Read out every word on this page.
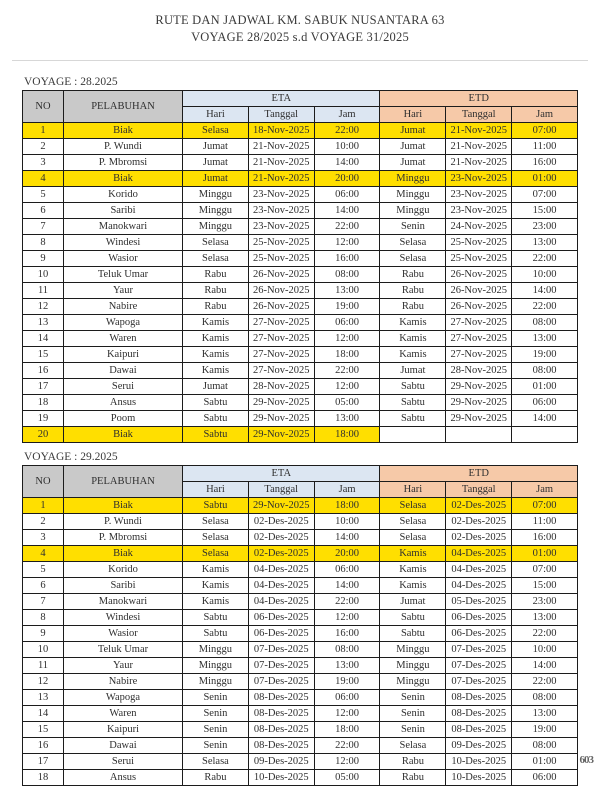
RUTE DAN JADWAL KM. SABUK NUSANTARA 63
VOYAGE 28/2025 s.d VOYAGE 31/2025
VOYAGE : 28.2025
NO	PELABUHAN	ETA			ETD		
		Hari	Tanggal	Jam	Hari	Tanggal	Jam
1	Biak	Selasa	18-Nov-2025	22:00	Jumat	21-Nov-2025	07:00
2	P. Wundi	Jumat	21-Nov-2025	10:00	Jumat	21-Nov-2025	11:00
3	P. Mbromsi	Jumat	21-Nov-2025	14:00	Jumat	21-Nov-2025	16:00
4	Biak	Jumat	21-Nov-2025	20:00	Minggu	23-Nov-2025	01:00
5	Korido	Minggu	23-Nov-2025	06:00	Minggu	23-Nov-2025	07:00
6	Saribi	Minggu	23-Nov-2025	14:00	Minggu	23-Nov-2025	15:00
7	Manokwari	Minggu	23-Nov-2025	22:00	Senin	24-Nov-2025	23:00
8	Windesi	Selasa	25-Nov-2025	12:00	Selasa	25-Nov-2025	13:00
9	Wasior	Selasa	25-Nov-2025	16:00	Selasa	25-Nov-2025	22:00
10	Teluk Umar	Rabu	26-Nov-2025	08:00	Rabu	26-Nov-2025	10:00
11	Yaur	Rabu	26-Nov-2025	13:00	Rabu	26-Nov-2025	14:00
12	Nabire	Rabu	26-Nov-2025	19:00	Rabu	26-Nov-2025	22:00
13	Wapoga	Kamis	27-Nov-2025	06:00	Kamis	27-Nov-2025	08:00
14	Waren	Kamis	27-Nov-2025	12:00	Kamis	27-Nov-2025	13:00
15	Kaipuri	Kamis	27-Nov-2025	18:00	Kamis	27-Nov-2025	19:00
16	Dawai	Kamis	27-Nov-2025	22:00	Jumat	28-Nov-2025	08:00
17	Serui	Jumat	28-Nov-2025	12:00	Sabtu	29-Nov-2025	01:00
18	Ansus	Sabtu	29-Nov-2025	05:00	Sabtu	29-Nov-2025	06:00
19	Poom	Sabtu	29-Nov-2025	13:00	Sabtu	29-Nov-2025	14:00
20	Biak	Sabtu	29-Nov-2025	18:00			
VOYAGE : 29.2025
NO	PELABUHAN	ETA			ETD		
		Hari	Tanggal	Jam	Hari	Tanggal	Jam
1	Biak	Sabtu	29-Nov-2025	18:00	Selasa	02-Des-2025	07:00
2	P. Wundi	Selasa	02-Des-2025	10:00	Selasa	02-Des-2025	11:00
3	P. Mbromsi	Selasa	02-Des-2025	14:00	Selasa	02-Des-2025	16:00
4	Biak	Selasa	02-Des-2025	20:00	Kamis	04-Des-2025	01:00
5	Korido	Kamis	04-Des-2025	06:00	Kamis	04-Des-2025	07:00
6	Saribi	Kamis	04-Des-2025	14:00	Kamis	04-Des-2025	15:00
7	Manokwari	Kamis	04-Des-2025	22:00	Jumat	05-Des-2025	23:00
8	Windesi	Sabtu	06-Des-2025	12:00	Sabtu	06-Des-2025	13:00
9	Wasior	Sabtu	06-Des-2025	16:00	Sabtu	06-Des-2025	22:00
10	Teluk Umar	Minggu	07-Des-2025	08:00	Minggu	07-Des-2025	10:00
11	Yaur	Minggu	07-Des-2025	13:00	Minggu	07-Des-2025	14:00
12	Nabire	Minggu	07-Des-2025	19:00	Minggu	07-Des-2025	22:00
13	Wapoga	Senin	08-Des-2025	06:00	Senin	08-Des-2025	08:00
14	Waren	Senin	08-Des-2025	12:00	Senin	08-Des-2025	13:00
15	Kaipuri	Senin	08-Des-2025	18:00	Senin	08-Des-2025	19:00
16	Dawai	Senin	08-Des-2025	22:00	Selasa	09-Des-2025	08:00
17	Serui	Selasa	09-Des-2025	12:00	Rabu	10-Des-2025	01:00
18	Ansus	Rabu	10-Des-2025	05:00	Rabu	10-Des-2025	06:00
603
